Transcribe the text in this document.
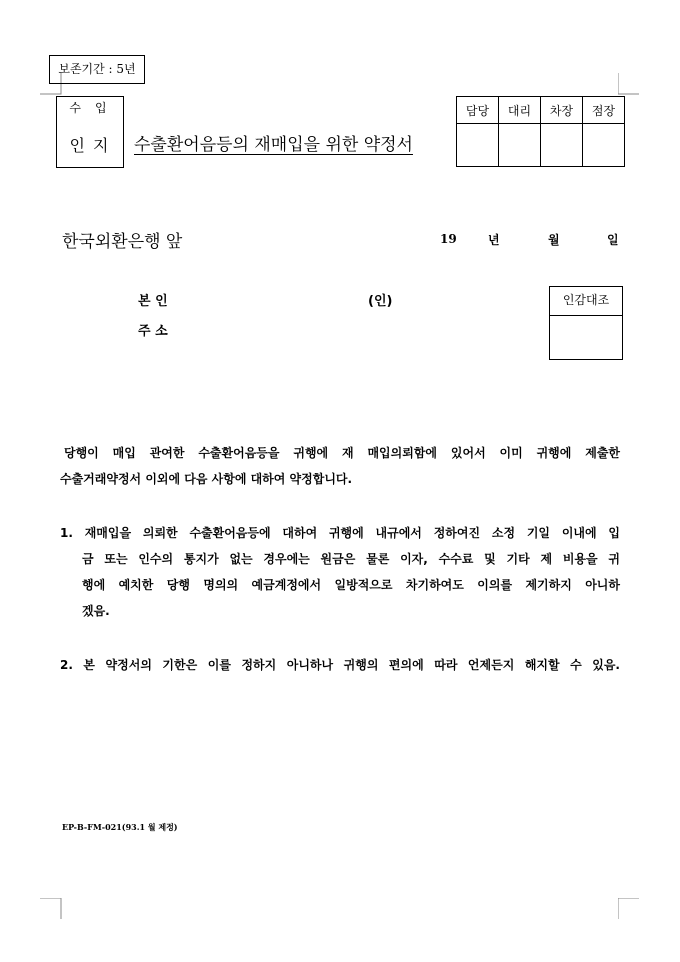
보존기간 : 5년
수입
인지	수출환어음등의 재매입을 위한 약정서
담당	대리	차장	점장

한국외환은행 앞	19	년	월	일
본 인	(인)
주 소
인감대조
당행이 매입 관여한 수출환어음등을 귀행에 재 매입의뢰함에 있어서 이미 귀행에 제출한
수출거래약정서 이외에 다음 사항에 대하여 약정합니다.
1. 재매입을 의뢰한 수출환어음등에 대하여 귀행에 내규에서 정하여진 소정 기일 이내에 입
금 또는 인수의 통지가 없는 경우에는 원금은 물론 이자, 수수료 및 기타 제 비용을 귀
행에 예치한 당행 명의의 예금계정에서 일방적으로 차기하여도 이의를 제기하지 아니하
겠음.
2. 본 약정서의 기한은 이를 정하지 아니하나 귀행의 편의에 따라 언제든지 해지할 수 있음.
EP-B-FM-021(93.1 월 제정)
